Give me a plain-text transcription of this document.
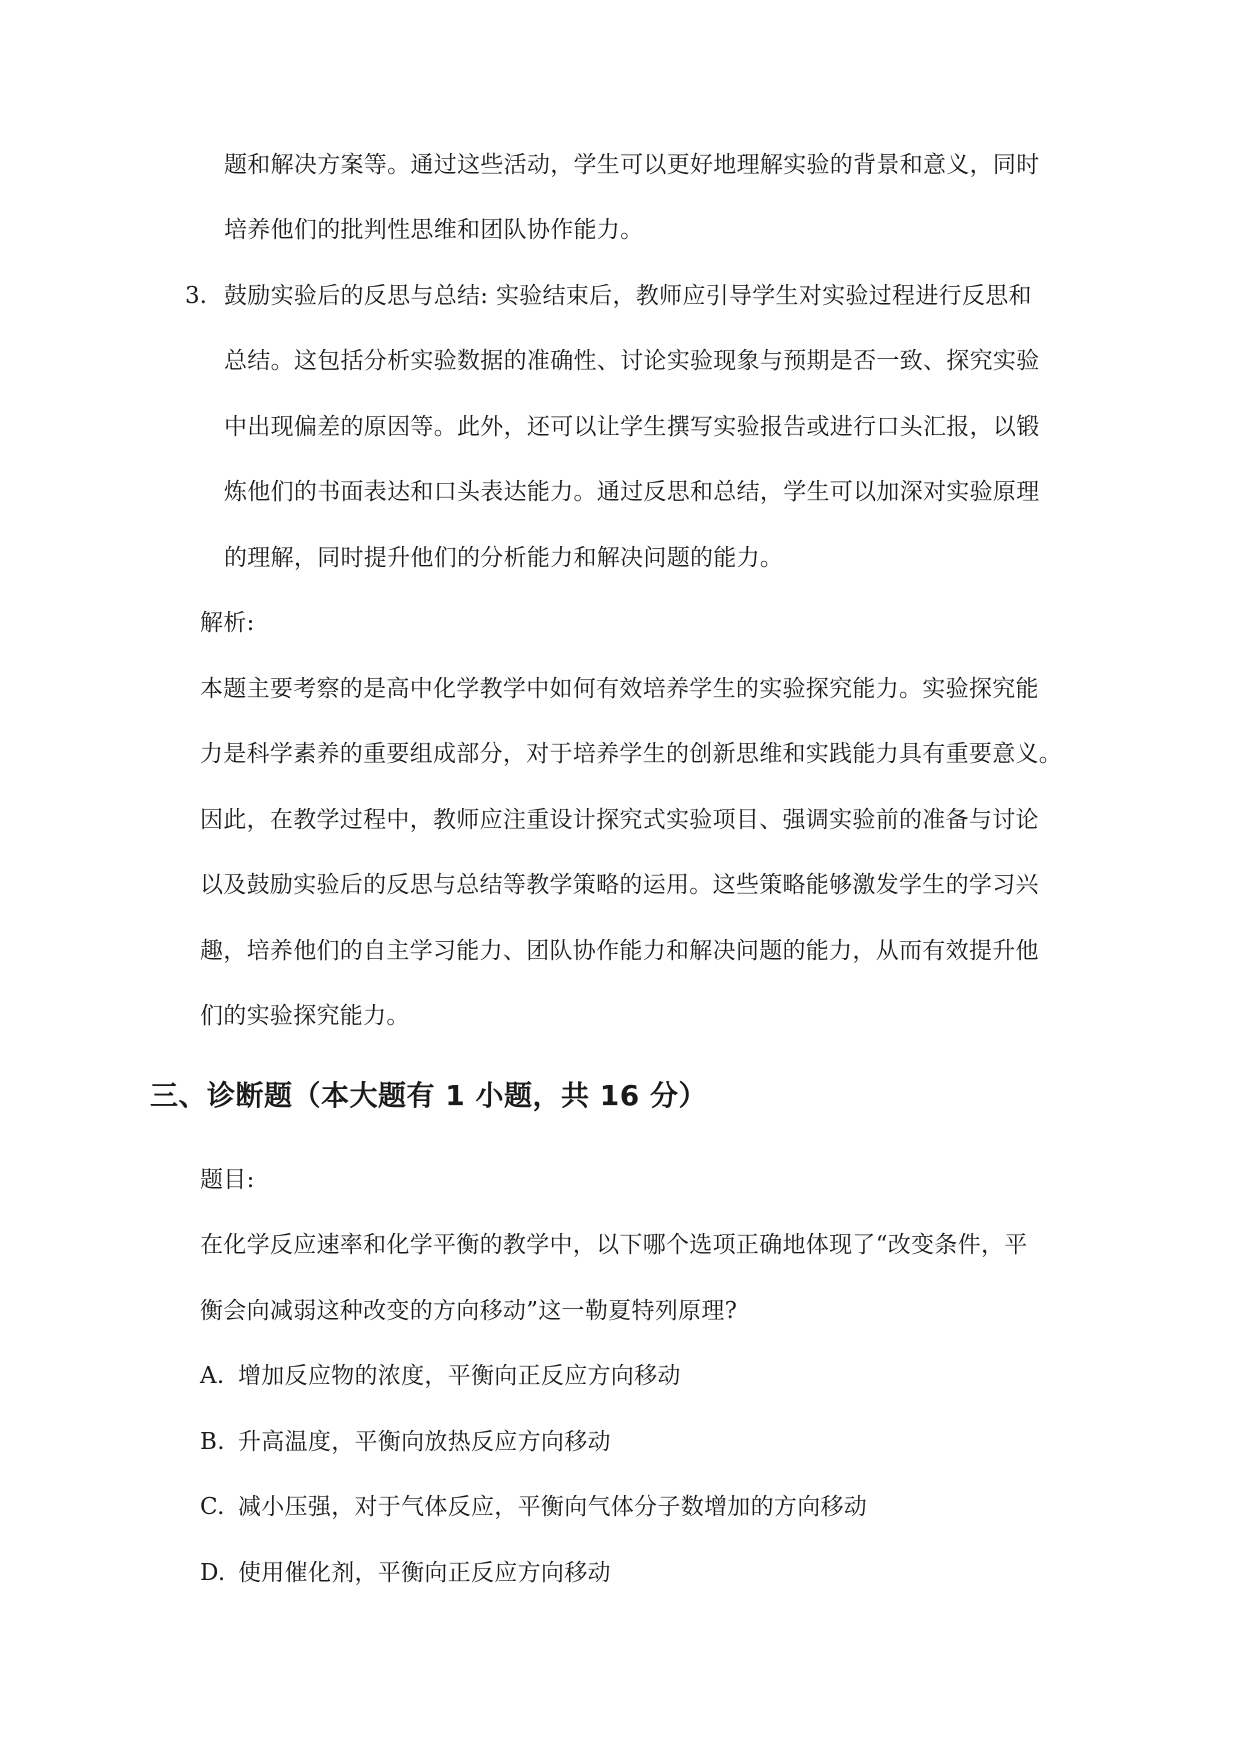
题和解决方案等。通过这些活动，学生可以更好地理解实验的背景和意义，同时
培养他们的批判性思维和团队协作能力。
3. 鼓励实验后的反思与总结: 实验结束后，教师应引导学生对实验过程进行反思和
总结。这包括分析实验数据的准确性、讨论实验现象与预期是否一致、探究实验
中出现偏差的原因等。此外，还可以让学生撰写实验报告或进行口头汇报，以锻
炼他们的书面表达和口头表达能力。通过反思和总结，学生可以加深对实验原理
的理解，同时提升他们的分析能力和解决问题的能力。
解析:
本题主要考察的是高中化学教学中如何有效培养学生的实验探究能力。实验探究能
力是科学素养的重要组成部分，对于培养学生的创新思维和实践能力具有重要意义。
因此，在教学过程中，教师应注重设计探究式实验项目、强调实验前的准备与讨论
以及鼓励实验后的反思与总结等教学策略的运用。这些策略能够激发学生的学习兴
趣，培养他们的自主学习能力、团队协作能力和解决问题的能力，从而有效提升他
们的实验探究能力。
三、诊断题（本大题有 1 小题，共 16 分）
题目:
在化学反应速率和化学平衡的教学中，以下哪个选项正确地体现了“改变条件，平
衡会向减弱这种改变的方向移动”这一勒夏特列原理?
A. 增加反应物的浓度，平衡向正反应方向移动
B. 升高温度，平衡向放热反应方向移动
C. 减小压强，对于气体反应，平衡向气体分子数增加的方向移动
D. 使用催化剂，平衡向正反应方向移动
